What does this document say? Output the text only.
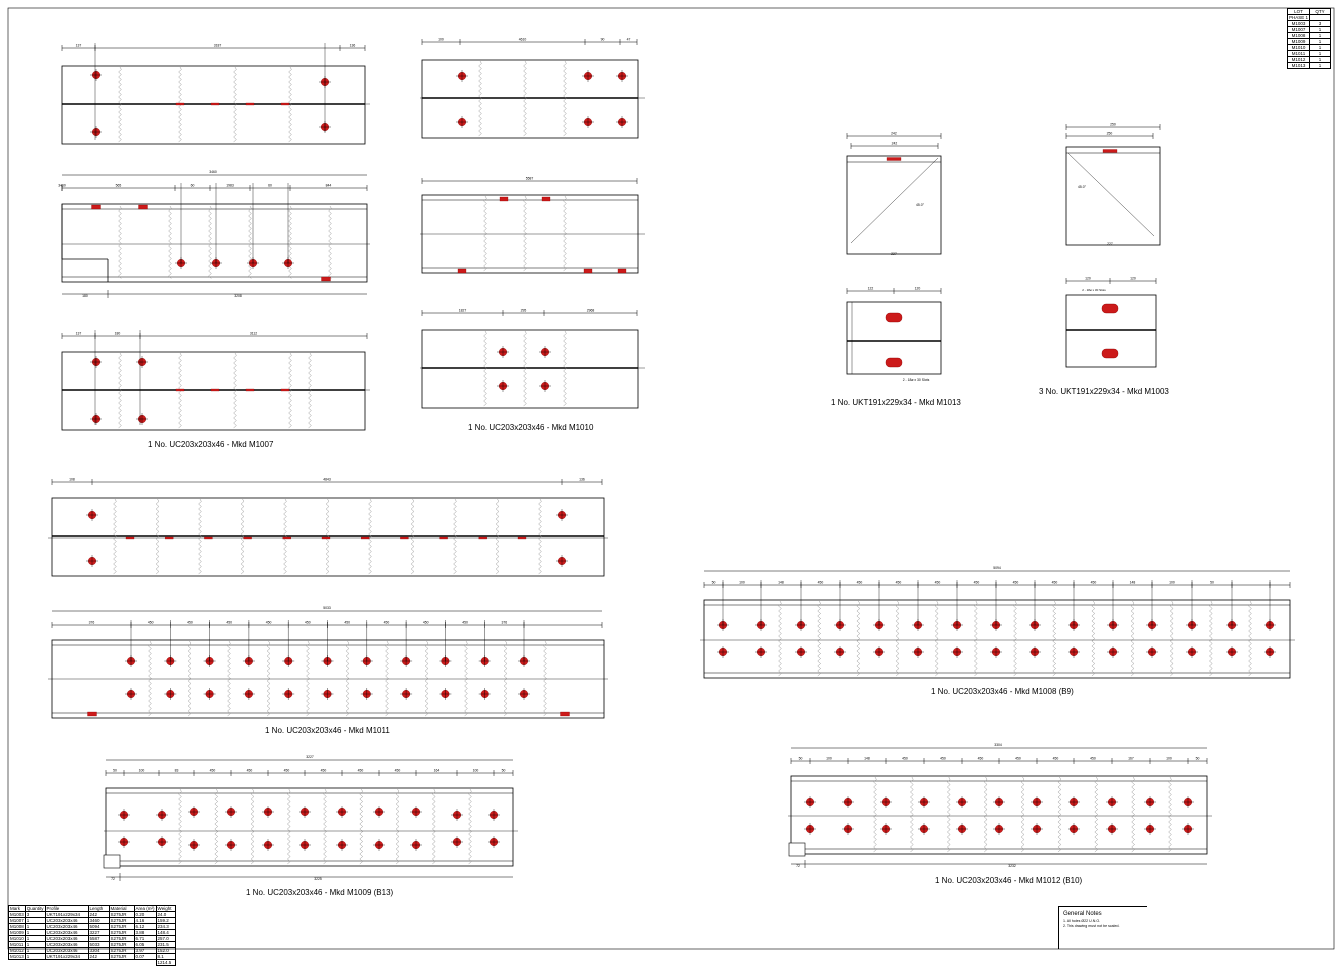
137	3187	136
3460	565	60	1983	60	844
3460
180	3208
137	180	3112
100	4610	90	47
5587
1827	295	2968
242
242
227
45.0°
122	120
2 - 18ø x 30 Slots
250
250
227
45.0°
120	120
2 - 18ø x 30 Slots
108	4843	136
5033
376	450	450	450	450	450	450	450	450	450	376
5094
50	100	148	450	450	450	450	450	450	450	450	148	100	50
3227
50	100	83	450	450	450	450	450	450	164	100	50
72	3225
3304
50	100	148	450	450	450	450	450	450	167	100	50
72	3232
1 No. UC203x203x46 - Mkd M1007
1 No. UC203x203x46 - Mkd M1010
1 No. UKT191x229x34 - Mkd M1013
3 No. UKT191x229x34 - Mkd M1003
1 No. UC203x203x46 - Mkd M1011
1 No. UC203x203x46 - Mkd M1008 (B9)
1 No. UC203x203x46 - Mkd M1009 (B13)
1 No. UC203x203x46 - Mkd M1012 (B10)
LOT	QTY
PHASE 1	
M1003	3
M1007	1
M1008	1
M1009	1
M1010	1
M1011	1
M1012	1
M1013	1
Mark	Quantity	Profile	Length	Material	Area (m²)	Weight
M1003	3	UKT191x229x34	242	S275JR	0.20	24.0
M1007	1	UC203x203x46	3460	S275JR	4.16	159.2
M1008	1	UC203x203x46	5094	S275JR	6.12	234.3
M1009	1	UC203x203x46	3227	S275JR	3.88	148.4
M1010	1	UC203x203x46	5587	S275JR	6.71	257.0
M1011	1	UC203x203x46	5033	S275JR	6.05	231.5
M1012	1	UC203x203x46	3304	S275JR	3.97	152.0
M1013	1	UKT191x229x34	242	S275JR	0.07	8.1
						1214.5
General Notes
1. All holes Ø22 U.N.O.
2. This drawing must not be scaled.
